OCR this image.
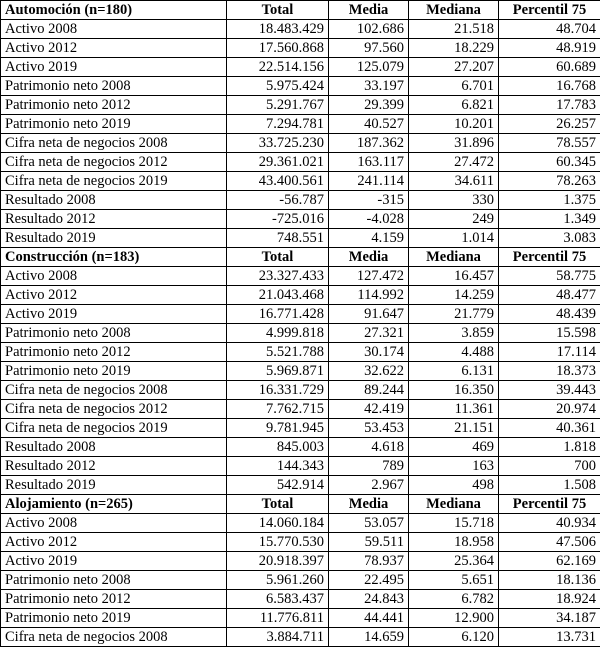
Automoción (n=180)	Total	Media	Mediana	Percentil 75
Activo 2008	18.483.429	102.686	21.518	48.704
Activo 2012	17.560.868	97.560	18.229	48.919
Activo 2019	22.514.156	125.079	27.207	60.689
Patrimonio neto 2008	5.975.424	33.197	6.701	16.768
Patrimonio neto 2012	5.291.767	29.399	6.821	17.783
Patrimonio neto 2019	7.294.781	40.527	10.201	26.257
Cifra neta de negocios 2008	33.725.230	187.362	31.896	78.557
Cifra neta de negocios 2012	29.361.021	163.117	27.472	60.345
Cifra neta de negocios 2019	43.400.561	241.114	34.611	78.263
Resultado 2008	-56.787	-315	330	1.375
Resultado 2012	-725.016	-4.028	249	1.349
Resultado 2019	748.551	4.159	1.014	3.083
Construcción (n=183)	Total	Media	Mediana	Percentil 75
Activo 2008	23.327.433	127.472	16.457	58.775
Activo 2012	21.043.468	114.992	14.259	48.477
Activo 2019	16.771.428	91.647	21.779	48.439
Patrimonio neto 2008	4.999.818	27.321	3.859	15.598
Patrimonio neto 2012	5.521.788	30.174	4.488	17.114
Patrimonio neto 2019	5.969.871	32.622	6.131	18.373
Cifra neta de negocios 2008	16.331.729	89.244	16.350	39.443
Cifra neta de negocios 2012	7.762.715	42.419	11.361	20.974
Cifra neta de negocios 2019	9.781.945	53.453	21.151	40.361
Resultado 2008	845.003	4.618	469	1.818
Resultado 2012	144.343	789	163	700
Resultado 2019	542.914	2.967	498	1.508
Alojamiento (n=265)	Total	Media	Mediana	Percentil 75
Activo 2008	14.060.184	53.057	15.718	40.934
Activo 2012	15.770.530	59.511	18.958	47.506
Activo 2019	20.918.397	78.937	25.364	62.169
Patrimonio neto 2008	5.961.260	22.495	5.651	18.136
Patrimonio neto 2012	6.583.437	24.843	6.782	18.924
Patrimonio neto 2019	11.776.811	44.441	12.900	34.187
Cifra neta de negocios 2008	3.884.711	14.659	6.120	13.731
